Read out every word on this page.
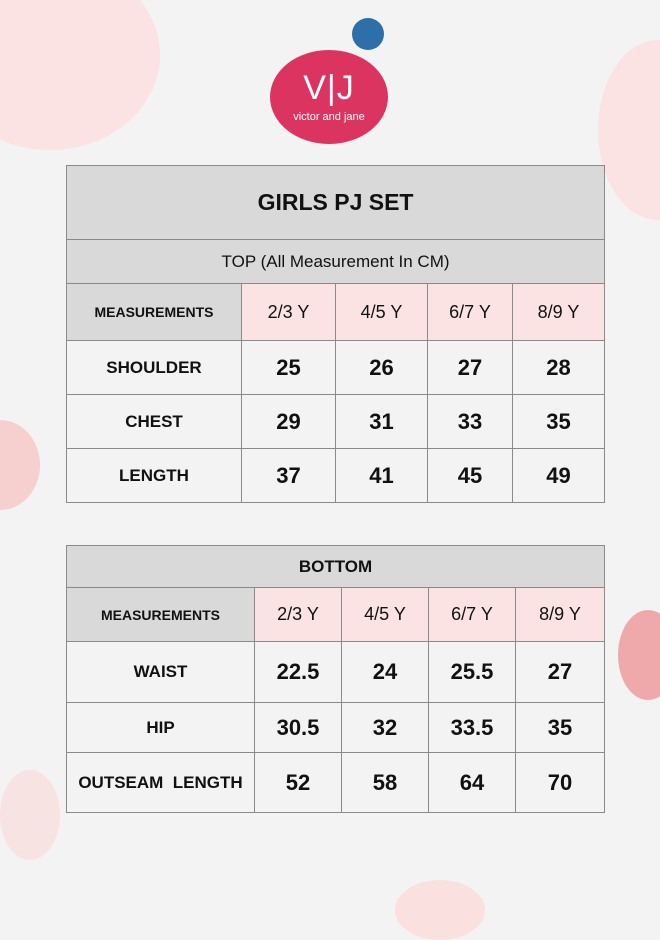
V|J
victor and jane
GIRLS PJ SET				
TOP (All Measurement In CM)				
MEASUREMENTS	2/3 Y	4/5 Y	6/7 Y	8/9 Y
SHOULDER	25	26	27	28
CHEST	29	31	33	35
LENGTH	37	41	45	49
BOTTOM				
MEASUREMENTS	2/3 Y	4/5 Y	6/7 Y	8/9 Y
WAIST	22.5	24	25.5	27
HIP	30.5	32	33.5	35
OUTSEAM  LENGTH	52	58	64	70
